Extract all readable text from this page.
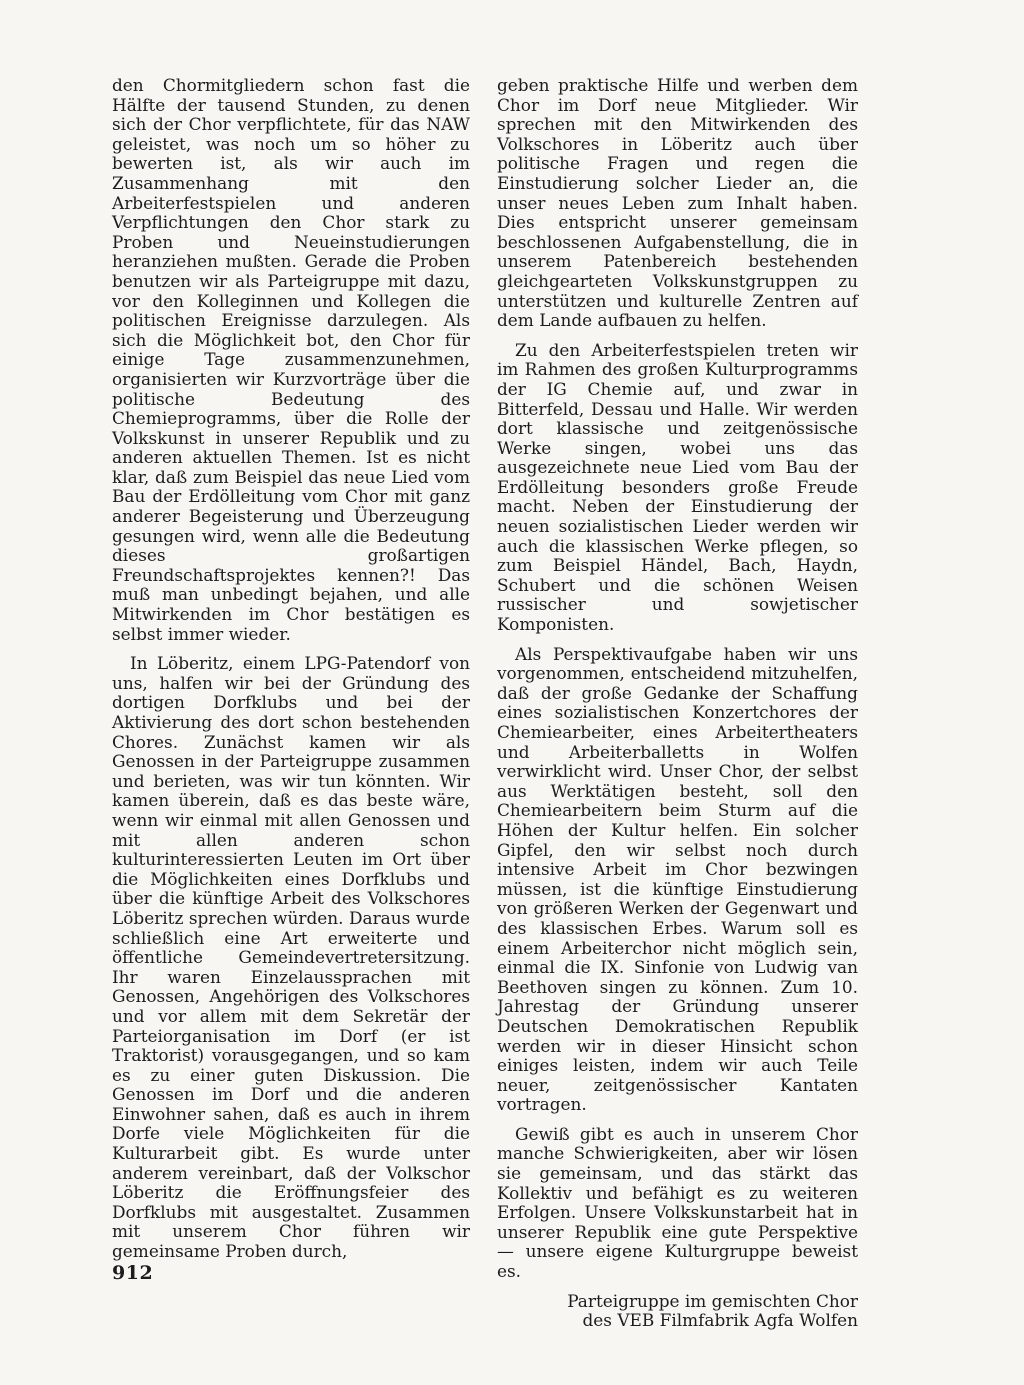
den Chormitgliedern schon fast die Hälfte der tausend Stunden, zu denen sich der Chor verpflichtete, für das NAW geleistet, was noch um so höher zu bewerten ist, als wir auch im Zusammenhang mit den Arbeiterfestspielen und anderen Verpflichtungen den Chor stark zu Proben und Neueinstudierungen heranziehen mußten. Gerade die Proben benutzen wir als Parteigruppe mit dazu, vor den Kolleginnen und Kollegen die politischen Ereignisse darzulegen. Als sich die Möglichkeit bot, den Chor für einige Tage zusammenzunehmen, organisierten wir Kurzvorträge über die politische Bedeutung des Chemieprogramms, über die Rolle der Volkskunst in unserer Republik und zu anderen aktuellen Themen. Ist es nicht klar, daß zum Beispiel das neue Lied vom Bau der Erdölleitung vom Chor mit ganz anderer Begeisterung und Überzeugung gesungen wird, wenn alle die Bedeutung dieses großartigen Freundschaftsprojektes kennen?! Das muß man unbedingt bejahen, und alle Mitwirkenden im Chor bestätigen es selbst immer wieder.

In Löberitz, einem LPG-Patendorf von uns, halfen wir bei der Gründung des dortigen Dorfklubs und bei der Aktivierung des dort schon bestehenden Chores. Zunächst kamen wir als Genossen in der Parteigruppe zusammen und berieten, was wir tun könnten. Wir kamen überein, daß es das beste wäre, wenn wir einmal mit allen Genossen und mit allen anderen schon kulturinteressierten Leuten im Ort über die Möglichkeiten eines Dorfklubs und über die künftige Arbeit des Volkschores Löberitz sprechen würden. Daraus wurde schließlich eine Art erweiterte und öffentliche Gemeindevertretersitzung. Ihr waren Einzelaussprachen mit Genossen, Angehörigen des Volkschores und vor allem mit dem Sekretär der Parteiorganisation im Dorf (er ist Traktorist) vorausgegangen, und so kam es zu einer guten Diskussion. Die Genossen im Dorf und die anderen Einwohner sahen, daß es auch in ihrem Dorfe viele Möglichkeiten für die Kulturarbeit gibt. Es wurde unter anderem vereinbart, daß der Volkschor Löberitz die Eröffnungsfeier des Dorfklubs mit ausgestaltet. Zusammen mit unserem Chor führen wir gemeinsame Proben durch,

geben praktische Hilfe und werben dem Chor im Dorf neue Mitglieder. Wir sprechen mit den Mitwirkenden des Volkschores in Löberitz auch über politische Fragen und regen die Einstudierung solcher Lieder an, die unser neues Leben zum Inhalt haben. Dies entspricht unserer gemeinsam beschlossenen Aufgabenstellung, die in unserem Patenbereich bestehenden gleichgearteten Volkskunstgruppen zu unterstützen und kulturelle Zentren auf dem Lande aufbauen zu helfen.

Zu den Arbeiterfestspielen treten wir im Rahmen des großen Kulturprogramms der IG Chemie auf, und zwar in Bitterfeld, Dessau und Halle. Wir werden dort klassische und zeitgenössische Werke singen, wobei uns das ausgezeichnete neue Lied vom Bau der Erdölleitung besonders große Freude macht. Neben der Einstudierung der neuen sozialistischen Lieder werden wir auch die klassischen Werke pflegen, so zum Beispiel Händel, Bach, Haydn, Schubert und die schönen Weisen russischer und sowjetischer Komponisten.

Als Perspektivaufgabe haben wir uns vorgenommen, entscheidend mitzuhelfen, daß der große Gedanke der Schaffung eines sozialistischen Konzertchores der Chemiearbeiter, eines Arbeitertheaters und Arbeiterballetts in Wolfen verwirklicht wird. Unser Chor, der selbst aus Werktätigen besteht, soll den Chemiearbeitern beim Sturm auf die Höhen der Kultur helfen. Ein solcher Gipfel, den wir selbst noch durch intensive Arbeit im Chor bezwingen müssen, ist die künftige Einstudierung von größeren Werken der Gegenwart und des klassischen Erbes. Warum soll es einem Arbeiterchor nicht möglich sein, einmal die IX. Sinfonie von Ludwig van Beethoven singen zu können. Zum 10. Jahrestag der Gründung unserer Deutschen Demokratischen Republik werden wir in dieser Hinsicht schon einiges leisten, indem wir auch Teile neuer, zeitgenössischer Kantaten vortragen.

Gewiß gibt es auch in unserem Chor manche Schwierigkeiten, aber wir lösen sie gemeinsam, und das stärkt das Kollektiv und befähigt es zu weiteren Erfolgen. Unsere Volkskunstarbeit hat in unserer Republik eine gute Perspektive — unsere eigene Kulturgruppe beweist es.

Parteigruppe im gemischten Chor
des VEB Filmfabrik Agfa Wolfen
912
